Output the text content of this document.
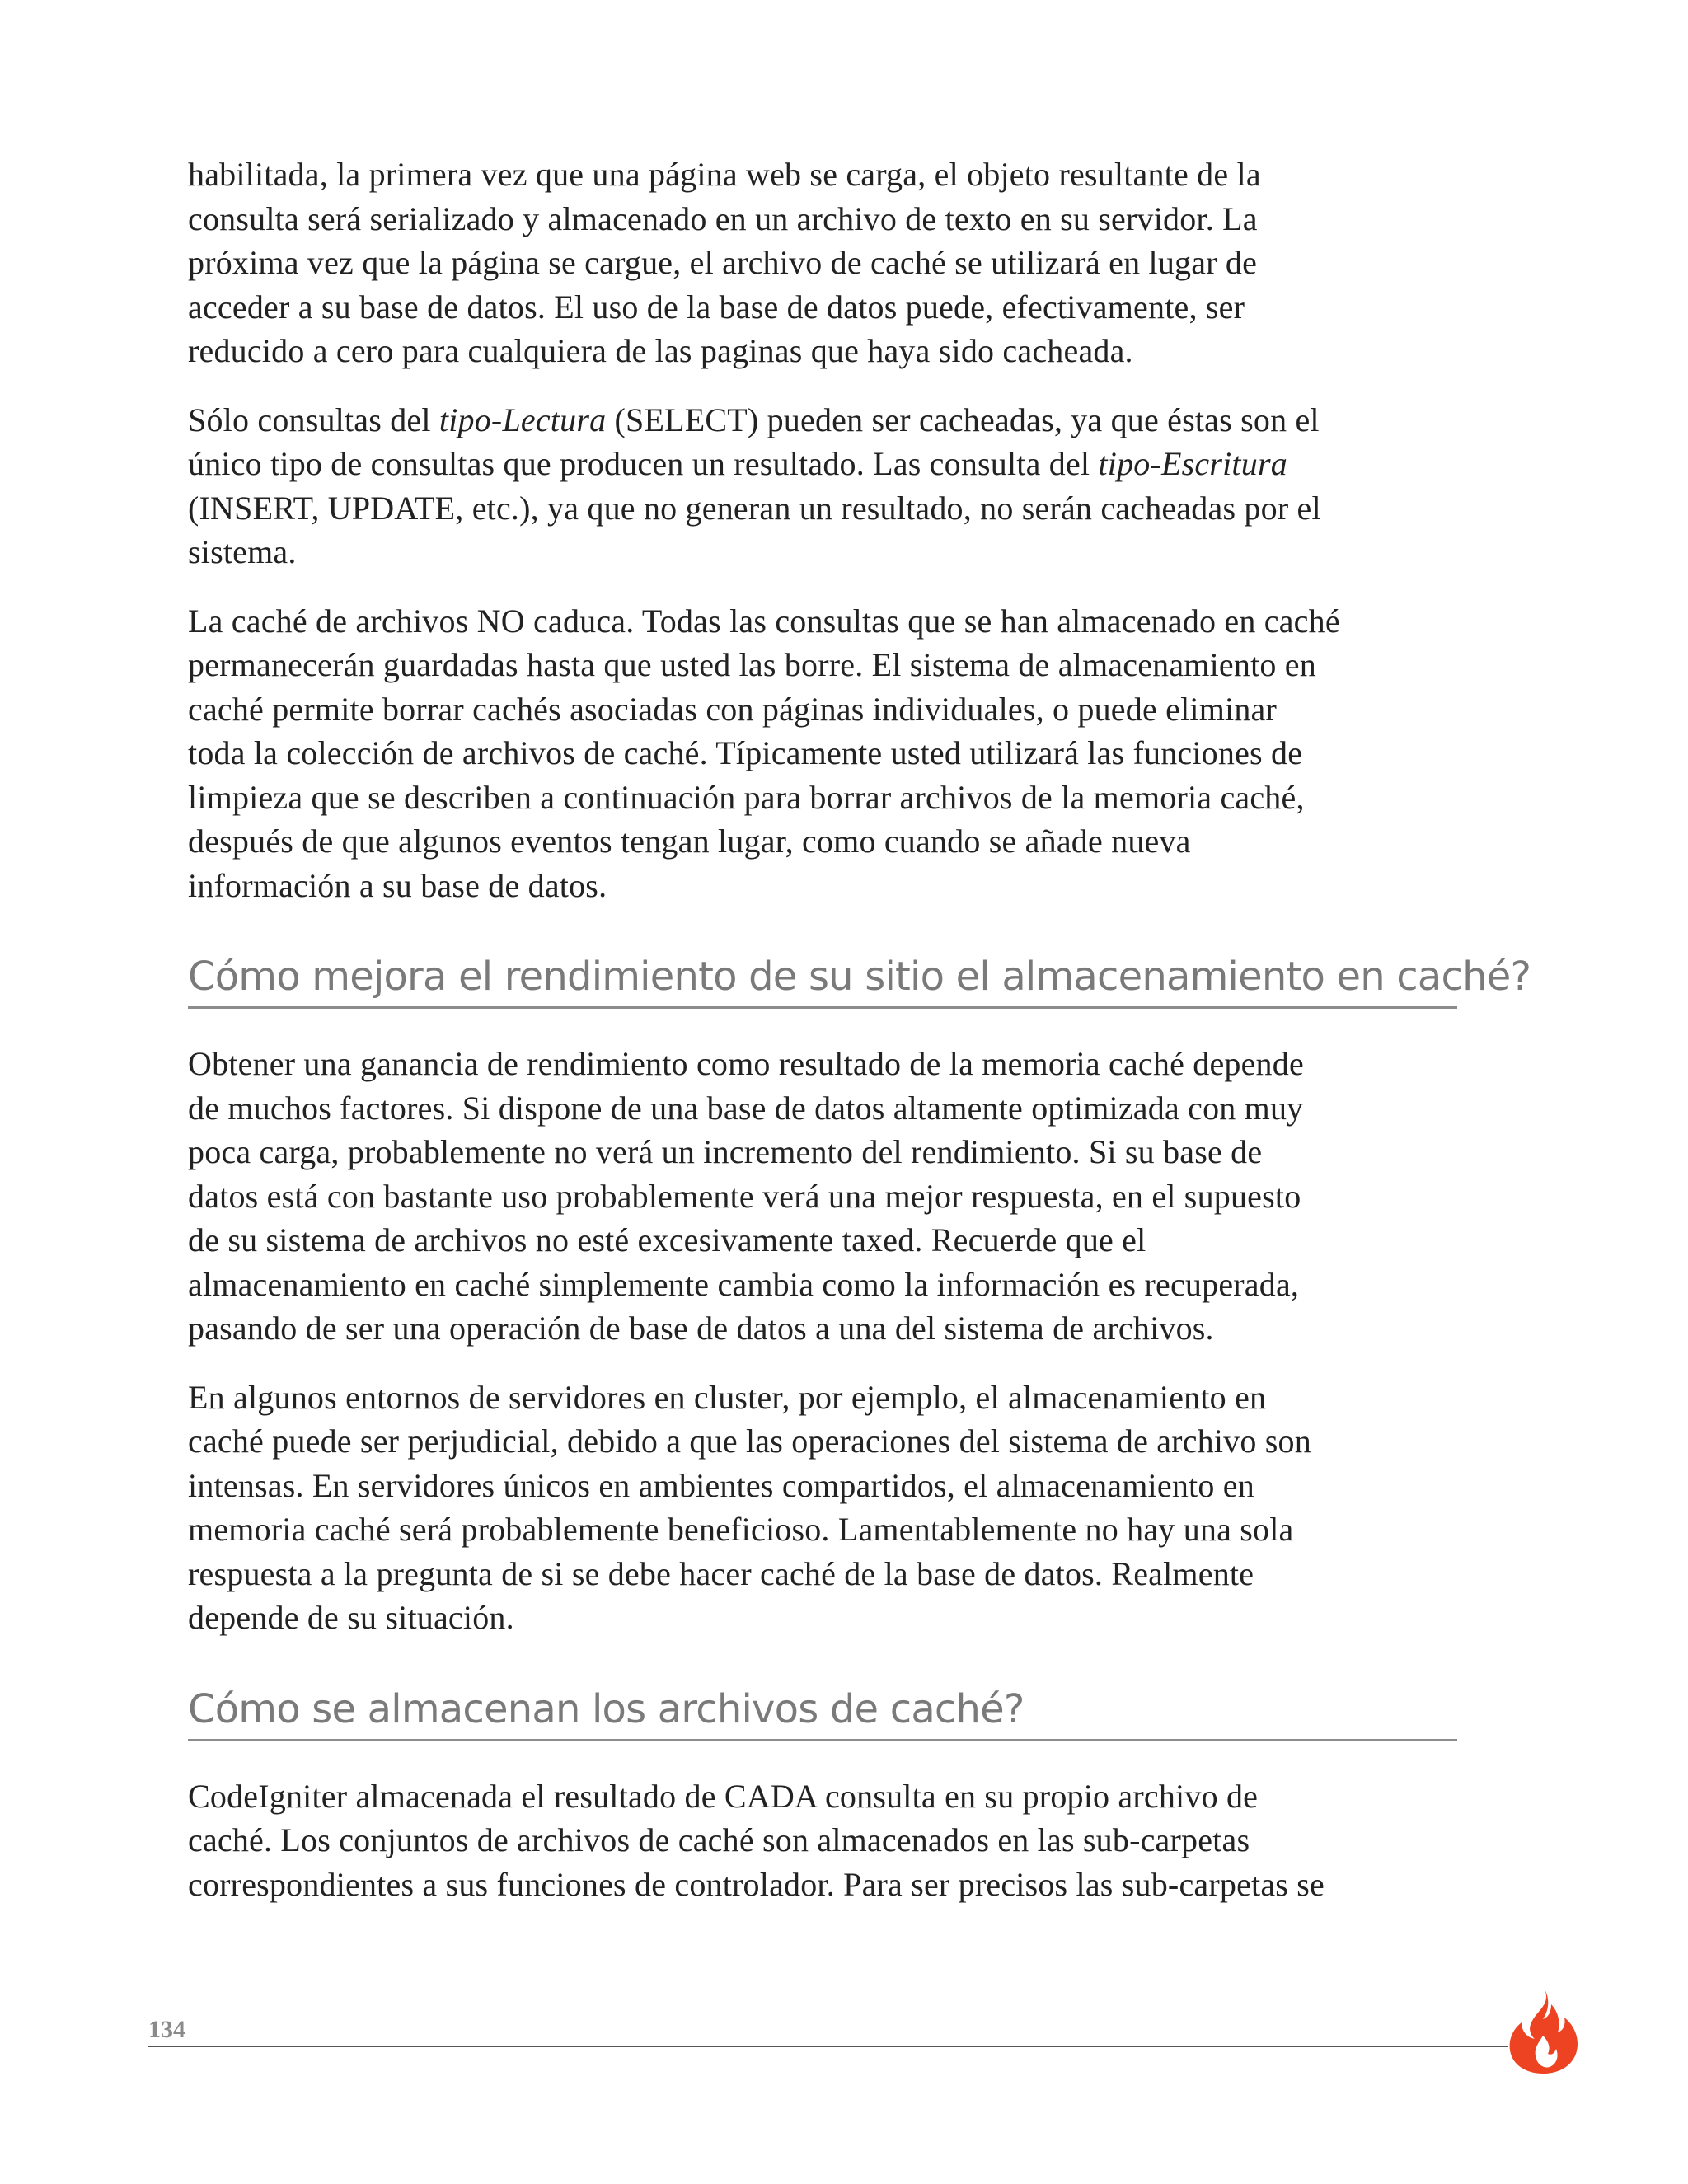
habilitada, la primera vez que una página web se carga, el objeto resultante de la
consulta será serializado y almacenado en un archivo de texto en su servidor. La
próxima vez que la página se cargue, el archivo de caché se utilizará en lugar de
acceder a su base de datos. El uso de la base de datos puede, efectivamente, ser
reducido a cero para cualquiera de las paginas que haya sido cacheada.

Sólo consultas del tipo-Lectura (SELECT) pueden ser cacheadas, ya que éstas son el
único tipo de consultas que producen un resultado. Las consulta del tipo-Escritura
(INSERT, UPDATE, etc.), ya que no generan un resultado, no serán cacheadas por el
sistema.

La caché de archivos NO caduca. Todas las consultas que se han almacenado en caché
permanecerán guardadas hasta que usted las borre. El sistema de almacenamiento en
caché permite borrar cachés asociadas con páginas individuales, o puede eliminar
toda la colección de archivos de caché. Típicamente usted utilizará las funciones de
limpieza que se describen a continuación para borrar archivos de la memoria caché,
después de que algunos eventos tengan lugar, como cuando se añade nueva
información a su base de datos.

Cómo mejora el rendimiento de su sitio el almacenamiento en caché?

Obtener una ganancia de rendimiento como resultado de la memoria caché depende
de muchos factores. Si dispone de una base de datos altamente optimizada con muy
poca carga, probablemente no verá un incremento del rendimiento. Si su base de
datos está con bastante uso probablemente verá una mejor respuesta, en el supuesto
de su sistema de archivos no esté excesivamente taxed. Recuerde que el
almacenamiento en caché simplemente cambia como la información es recuperada,
pasando de ser una operación de base de datos a una del sistema de archivos.

En algunos entornos de servidores en cluster, por ejemplo, el almacenamiento en
caché puede ser perjudicial, debido a que las operaciones del sistema de archivo son
intensas. En servidores únicos en ambientes compartidos, el almacenamiento en
memoria caché será probablemente beneficioso. Lamentablemente no hay una sola
respuesta a la pregunta de si se debe hacer caché de la base de datos. Realmente
depende de su situación.

Cómo se almacenan los archivos de caché?

CodeIgniter almacenada el resultado de CADA consulta en su propio archivo de
caché. Los conjuntos de archivos de caché son almacenados en las sub-carpetas
correspondientes a sus funciones de controlador. Para ser precisos las sub-carpetas se

134
